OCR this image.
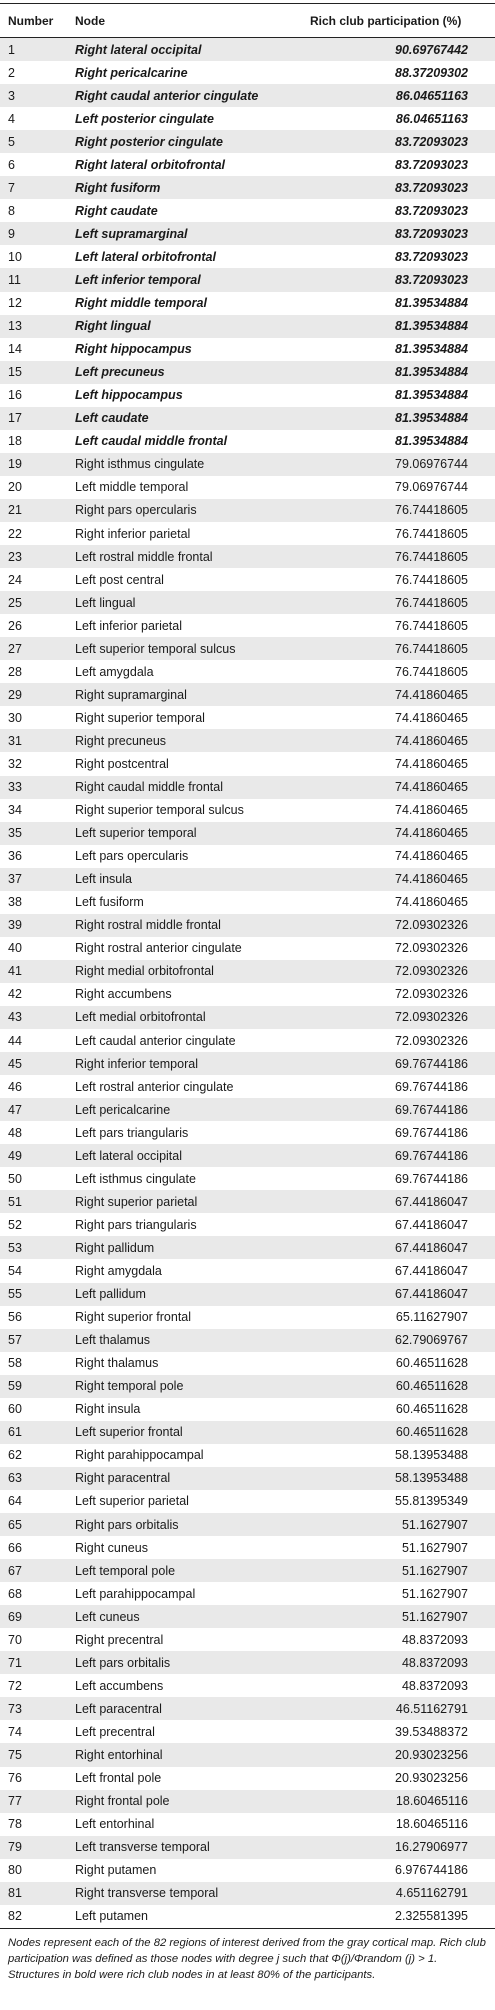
Number	Node	Rich club participation (%)
1	Right lateral occipital	90.69767442
2	Right pericalcarine	88.37209302
3	Right caudal anterior cingulate	86.04651163
4	Left posterior cingulate	86.04651163
5	Right posterior cingulate	83.72093023
6	Right lateral orbitofrontal	83.72093023
7	Right fusiform	83.72093023
8	Right caudate	83.72093023
9	Left supramarginal	83.72093023
10	Left lateral orbitofrontal	83.72093023
11	Left inferior temporal	83.72093023
12	Right middle temporal	81.39534884
13	Right lingual	81.39534884
14	Right hippocampus	81.39534884
15	Left precuneus	81.39534884
16	Left hippocampus	81.39534884
17	Left caudate	81.39534884
18	Left caudal middle frontal	81.39534884
19	Right isthmus cingulate	79.06976744
20	Left middle temporal	79.06976744
21	Right pars opercularis	76.74418605
22	Right inferior parietal	76.74418605
23	Left rostral middle frontal	76.74418605
24	Left post central	76.74418605
25	Left lingual	76.74418605
26	Left inferior parietal	76.74418605
27	Left superior temporal sulcus	76.74418605
28	Left amygdala	76.74418605
29	Right supramarginal	74.41860465
30	Right superior temporal	74.41860465
31	Right precuneus	74.41860465
32	Right postcentral	74.41860465
33	Right caudal middle frontal	74.41860465
34	Right superior temporal sulcus	74.41860465
35	Left superior temporal	74.41860465
36	Left pars opercularis	74.41860465
37	Left insula	74.41860465
38	Left fusiform	74.41860465
39	Right rostral middle frontal	72.09302326
40	Right rostral anterior cingulate	72.09302326
41	Right medial orbitofrontal	72.09302326
42	Right accumbens	72.09302326
43	Left medial orbitofrontal	72.09302326
44	Left caudal anterior cingulate	72.09302326
45	Right inferior temporal	69.76744186
46	Left rostral anterior cingulate	69.76744186
47	Left pericalcarine	69.76744186
48	Left pars triangularis	69.76744186
49	Left lateral occipital	69.76744186
50	Left isthmus cingulate	69.76744186
51	Right superior parietal	67.44186047
52	Right pars triangularis	67.44186047
53	Right pallidum	67.44186047
54	Right amygdala	67.44186047
55	Left pallidum	67.44186047
56	Right superior frontal	65.11627907
57	Left thalamus	62.79069767
58	Right thalamus	60.46511628
59	Right temporal pole	60.46511628
60	Right insula	60.46511628
61	Left superior frontal	60.46511628
62	Right parahippocampal	58.13953488
63	Right paracentral	58.13953488
64	Left superior parietal	55.81395349
65	Right pars orbitalis	51.1627907
66	Right cuneus	51.1627907
67	Left temporal pole	51.1627907
68	Left parahippocampal	51.1627907
69	Left cuneus	51.1627907
70	Right precentral	48.8372093
71	Left pars orbitalis	48.8372093
72	Left accumbens	48.8372093
73	Left paracentral	46.51162791
74	Left precentral	39.53488372
75	Right entorhinal	20.93023256
76	Left frontal pole	20.93023256
77	Right frontal pole	18.60465116
78	Left entorhinal	18.60465116
79	Left transverse temporal	16.27906977
80	Right putamen	6.976744186
81	Right transverse temporal	4.651162791
82	Left putamen	2.325581395
Nodes represent each of the 82 regions of interest derived from the gray cortical map. Rich club participation was defined as those nodes with degree j such that Φ(j)/Φrandom (j) > 1. Structures in bold were rich club nodes in at least 80% of the participants.
